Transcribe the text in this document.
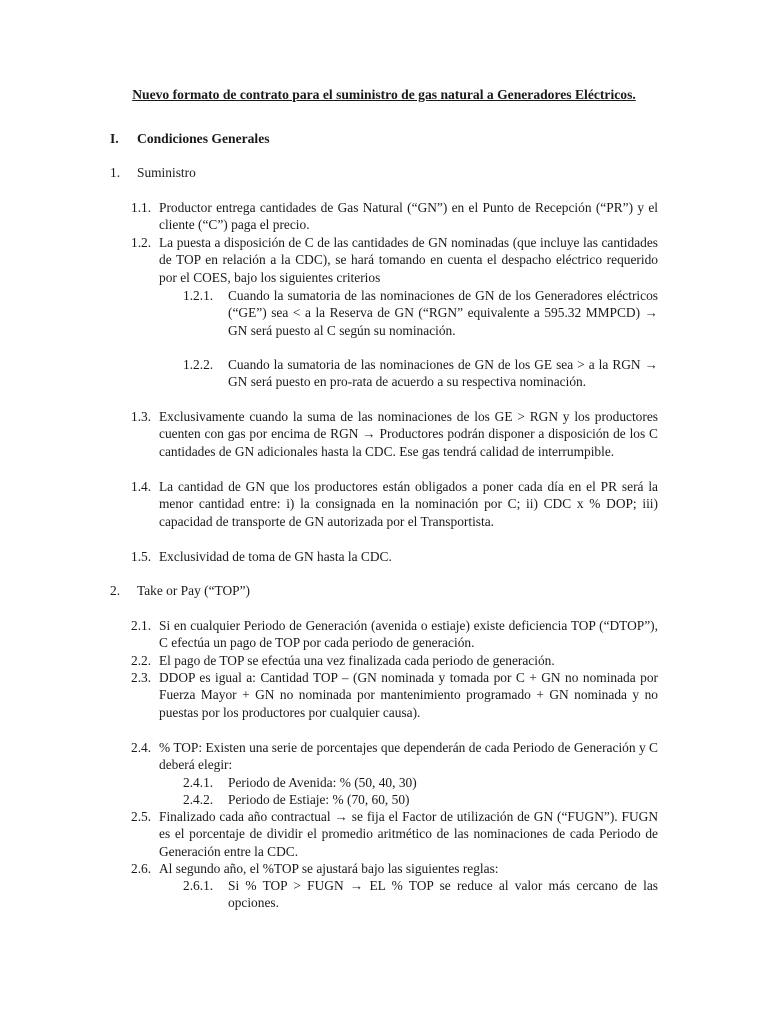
Nuevo formato de contrato para el suministro de gas natural a Generadores Eléctricos.
I. Condiciones Generales
1. Suministro
1.1. Productor entrega cantidades de Gas Natural (“GN”) en el Punto de Recepción (“PR”) y el cliente (“C”) paga el precio.
1.2. La puesta a disposición de C de las cantidades de GN nominadas (que incluye las cantidades de TOP en relación a la CDC), se hará tomando en cuenta el despacho eléctrico requerido por el COES, bajo los siguientes criterios
1.2.1. Cuando la sumatoria de las nominaciones de GN de los Generadores eléctricos (“GE”) sea < a la Reserva de GN (“RGN” equivalente a 595.32 MMPCD) → GN será puesto al C según su nominación.
1.2.2. Cuando la sumatoria de las nominaciones de GN de los GE sea > a la RGN → GN será puesto en pro-rata de acuerdo a su respectiva nominación.
1.3. Exclusivamente cuando la suma de las nominaciones de los GE > RGN y los productores cuenten con gas por encima de RGN → Productores podrán disponer a disposición de los C cantidades de GN adicionales hasta la CDC. Ese gas tendrá calidad de interrumpible.
1.4. La cantidad de GN que los productores están obligados a poner cada día en el PR será la menor cantidad entre: i) la consignada en la nominación por C; ii) CDC x % DOP; iii) capacidad de transporte de GN autorizada por el Transportista.
1.5. Exclusividad de toma de GN hasta la CDC.
2. Take or Pay (“TOP”)
2.1. Si en cualquier Periodo de Generación (avenida o estiaje) existe deficiencia TOP (“DTOP”), C efectúa un pago de TOP por cada periodo de generación.
2.2. El pago de TOP se efectúa una vez finalizada cada periodo de generación.
2.3. DDOP es igual a: Cantidad TOP – (GN nominada y tomada por C + GN no nominada por Fuerza Mayor + GN no nominada por mantenimiento programado + GN nominada y no puestas por los productores por cualquier causa).
2.4. % TOP: Existen una serie de porcentajes que dependerán de cada Periodo de Generación y C deberá elegir:
2.4.1. Periodo de Avenida: % (50, 40, 30)
2.4.2. Periodo de Estiaje: % (70, 60, 50)
2.5. Finalizado cada año contractual → se fija el Factor de utilización de GN (“FUGN”). FUGN es el porcentaje de dividir el promedio aritmético de las nominaciones de cada Periodo de Generación entre la CDC.
2.6. Al segundo año, el %TOP se ajustará bajo las siguientes reglas:
2.6.1. Si % TOP > FUGN → EL % TOP se reduce al valor más cercano de las opciones.
